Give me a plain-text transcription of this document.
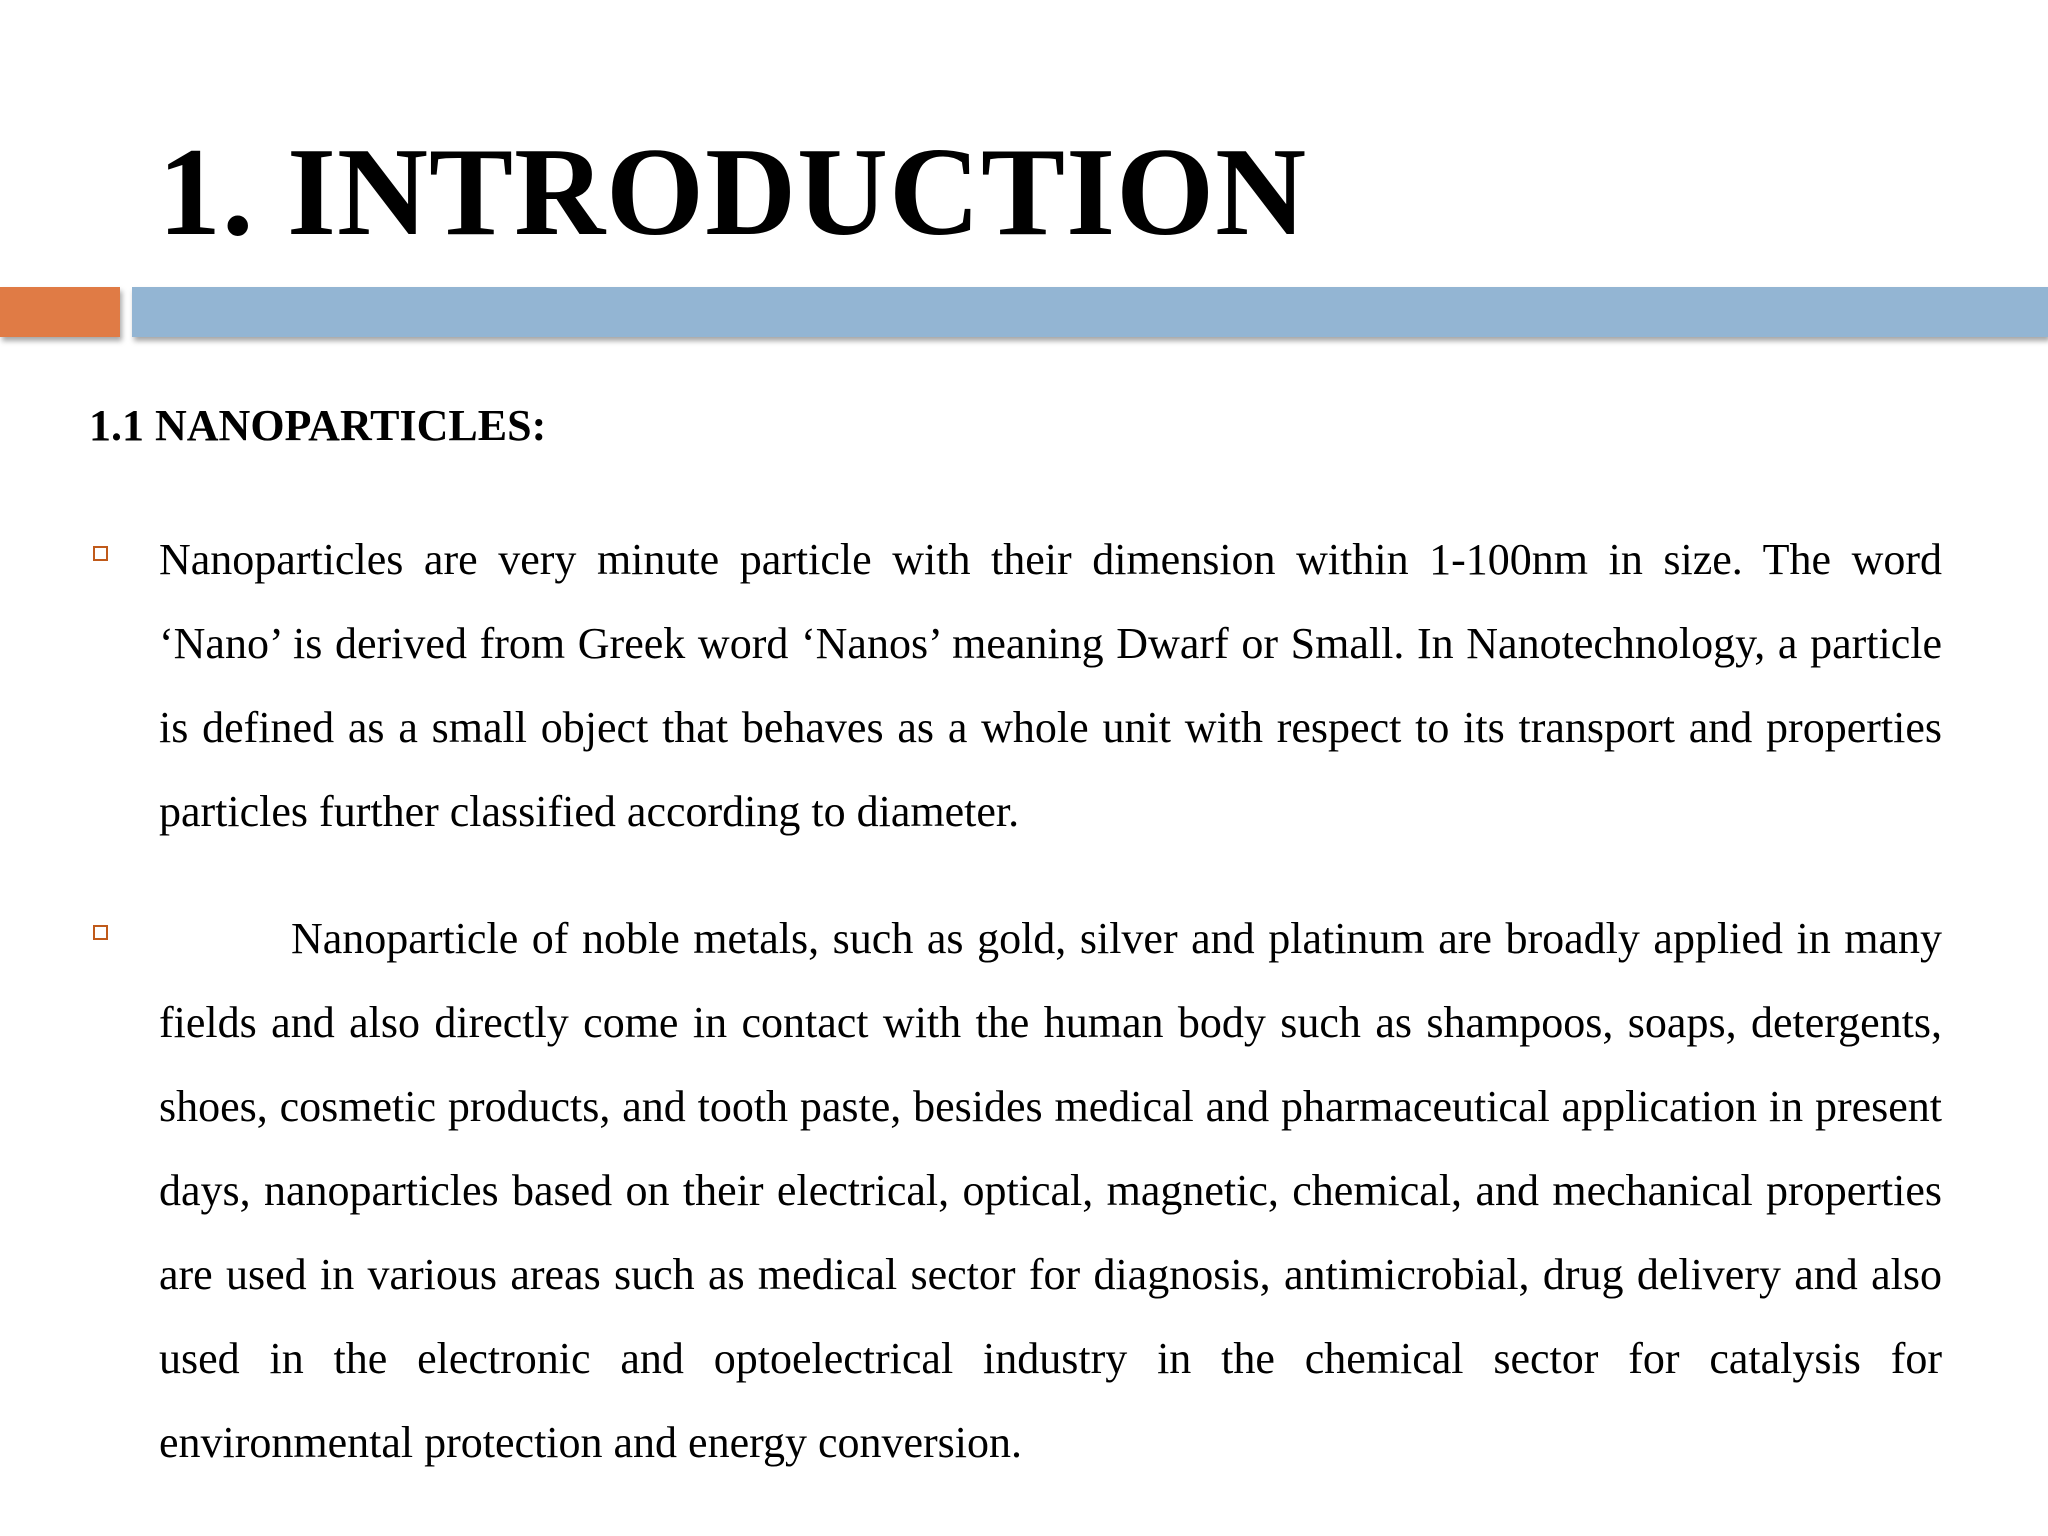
1. INTRODUCTION
1.1 NANOPARTICLES:

Nanoparticles are very minute particle with their dimension within 1-100nm in size. The word ‘Nano’ is derived from Greek word ‘Nanos’ meaning Dwarf or Small. In Nanotechnology, a particle is defined as a small object that behaves as a whole unit with respect to its transport and properties particles further classified according to diameter.

Nanoparticle of noble metals, such as gold, silver and platinum are broadly applied in many fields and also directly come in contact with the human body such as shampoos, soaps, detergents, shoes, cosmetic products, and tooth paste, besides medical and pharmaceutical application in present days, nanoparticles based on their electrical, optical, magnetic, chemical, and mechanical properties are used in various areas such as medical sector for diagnosis, antimicrobial, drug delivery and also used in the electronic and optoelectrical industry in the chemical sector for catalysis for environmental protection and energy conversion.
